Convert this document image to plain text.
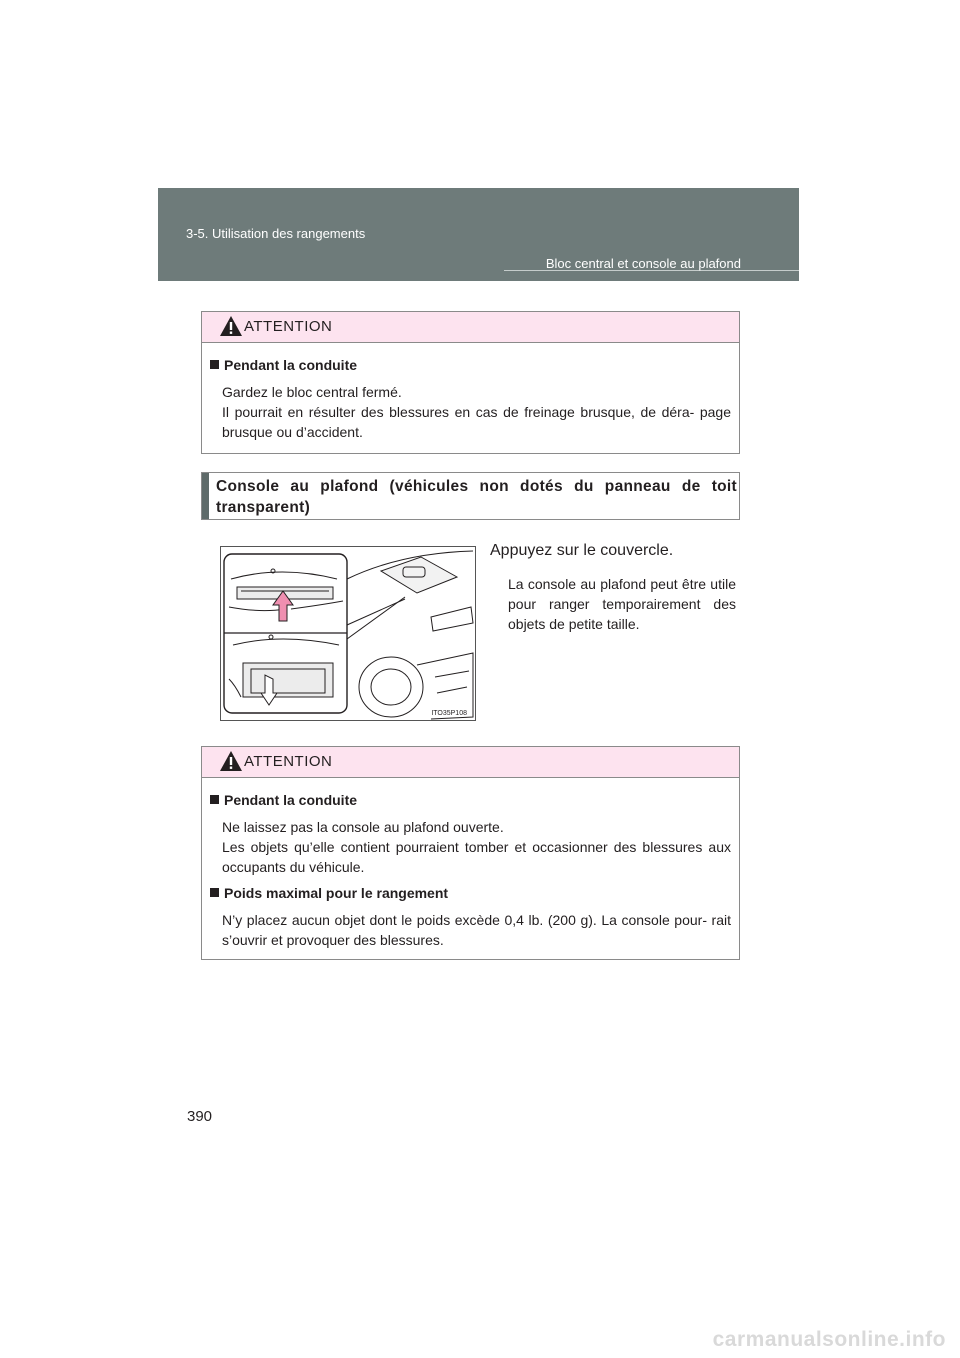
3-5. Utilisation des rangements
Bloc central et console au plafond
ATTENTION
Pendant la conduite

Gardez le bloc central fermé.

Il pourrait en résulter des blessures en cas de freinage brusque, de déra- page brusque ou d’accident.

Console au plafond (véhicules non dotés du panneau de toit transparent)
ITO35P108
Appuyez sur le couvercle.
La console au plafond peut être utile pour ranger temporairement des objets de petite taille.
ATTENTION
Pendant la conduite

Ne laissez pas la console au plafond ouverte.

Les objets qu’elle contient pourraient tomber et occasionner des blessures aux occupants du véhicule.

Poids maximal pour le rangement

N’y placez aucun objet dont le poids excède 0,4 lb. (200 g). La console pour- rait s’ouvrir et provoquer des blessures.

390
carmanualsonline.info
